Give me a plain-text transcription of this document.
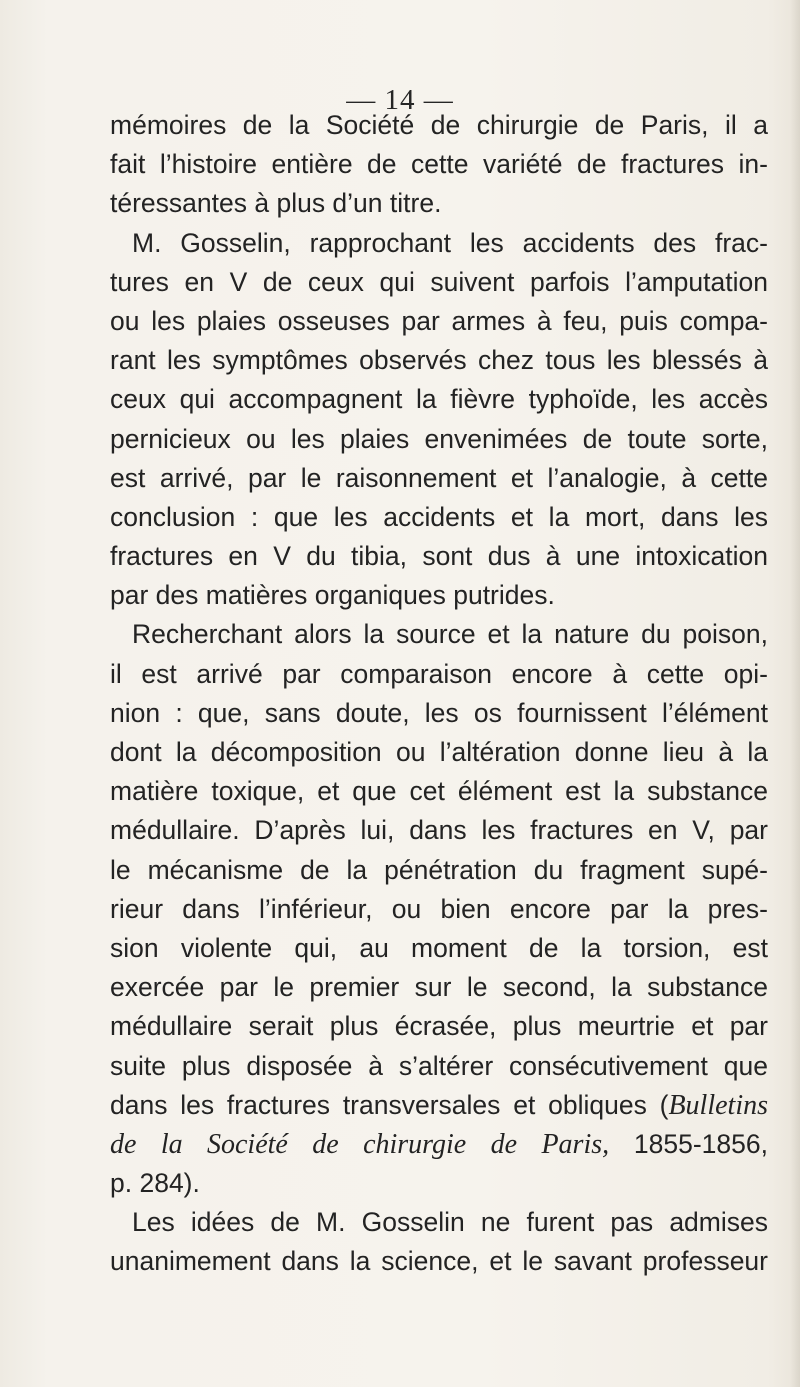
— 14 —
mémoires de la Société de chirurgie de Paris, il a
fait l’histoire entière de cette variété de fractures in-
téressantes à plus d’un titre.
M. Gosselin, rapprochant les accidents des frac-
tures en V de ceux qui suivent parfois l’amputation
ou les plaies osseuses par armes à feu, puis compa-
rant les symptômes observés chez tous les blessés à
ceux qui accompagnent la fièvre typhoïde, les accès
pernicieux ou les plaies envenimées de toute sorte,
est arrivé, par le raisonnement et l’analogie, à cette
conclusion : que les accidents et la mort, dans les
fractures en V du tibia, sont dus à une intoxication
par des matières organiques putrides.
Recherchant alors la source et la nature du poison,
il est arrivé par comparaison encore à cette opi-
nion : que, sans doute, les os fournissent l’élément
dont la décomposition ou l’altération donne lieu à la
matière toxique, et que cet élément est la substance
médullaire. D’après lui, dans les fractures en V, par
le mécanisme de la pénétration du fragment supé-
rieur dans l’inférieur, ou bien encore par la pres-
sion violente qui, au moment de la torsion, est
exercée par le premier sur le second, la substance
médullaire serait plus écrasée, plus meurtrie et par
suite plus disposée à s’altérer consécutivement que
dans les fractures transversales et obliques (Bulletins
de la Société de chirurgie de Paris, 1855-1856,
p. 284).
Les idées de M. Gosselin ne furent pas admises
unanimement dans la science, et le savant professeur
